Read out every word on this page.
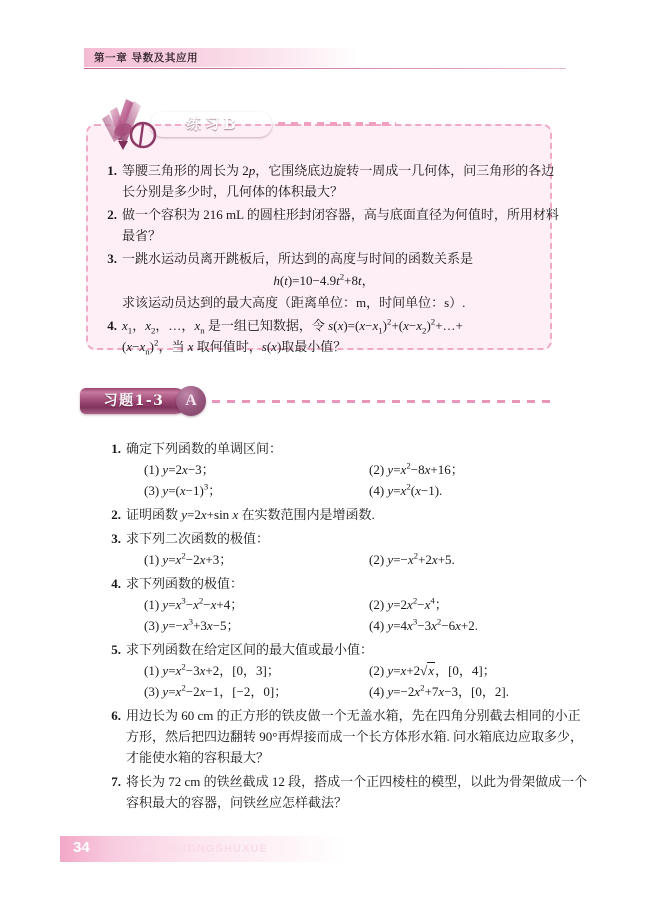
第一章 导数及其应用
练习B
1. 等腰三角形的周长为 2p，它围绕底边旋转一周成一几何体，问三角形的各边
长分别是多少时，几何体的体积最大？
2. 做一个容积为 216 mL 的圆柱形封闭容器，高与底面直径为何值时，所用材料
最省？
3. 一跳水运动员离开跳板后，所达到的高度与时间的函数关系是
$h(t)=10-4.9t^2+8t$，
求该运动员达到的最大高度（距离单位：m，时间单位：s）.
4. $x_1$，$x_2$，…，$x_n$ 是一组已知数据，令 $s(x)=(x-x_1)^2+(x-x_2)^2+\dots+$
$(x-x_n)^2$，当 x 取何值时，s(x)取最小值？
习题1-3	A
1. 确定下列函数的单调区间：
(1) y=2x−3；	(2) $y=x^2-8x+16$；
(3) $y=(x-1)^3$；	(4) $y=x^2(x-1)$.
2. 证明函数 y=2x+sin x 在实数范围内是增函数.
3. 求下列二次函数的极值：
(1) $y=x^2-2x+3$；	(2) $y=-x^2+2x+5$.
4. 求下列函数的极值：
(1) $y=x^3-x^2-x+4$；	(2) $y=2x^2-x^4$；
(3) $y=-x^3+3x-5$；	(4) $y=4x^3-3x^2-6x+2$.
5. 求下列函数在给定区间的最大值或最小值：
(1) $y=x^2-3x+2$，[0，3]；	(2) y=x+2√x，[0，4]；
(3) $y=x^2-2x-1$，[−2，0]；	(4) $y=-2x^2+7x-3$，[0，2].
6. 用边长为 60 cm 的正方形的铁皮做一个无盖水箱，先在四角分别截去相同的小正
方形，然后把四边翻转 90°再焊接而成一个长方体形水箱. 问水箱底边应取多少，
才能使水箱的容积最大？
7. 将长为 72 cm 的铁丝截成 12 段，搭成一个正四棱柱的模型，以此为骨架做成一个
容积最大的容器，问铁丝应怎样截法？
34	GAOZHONGSHUXUE
